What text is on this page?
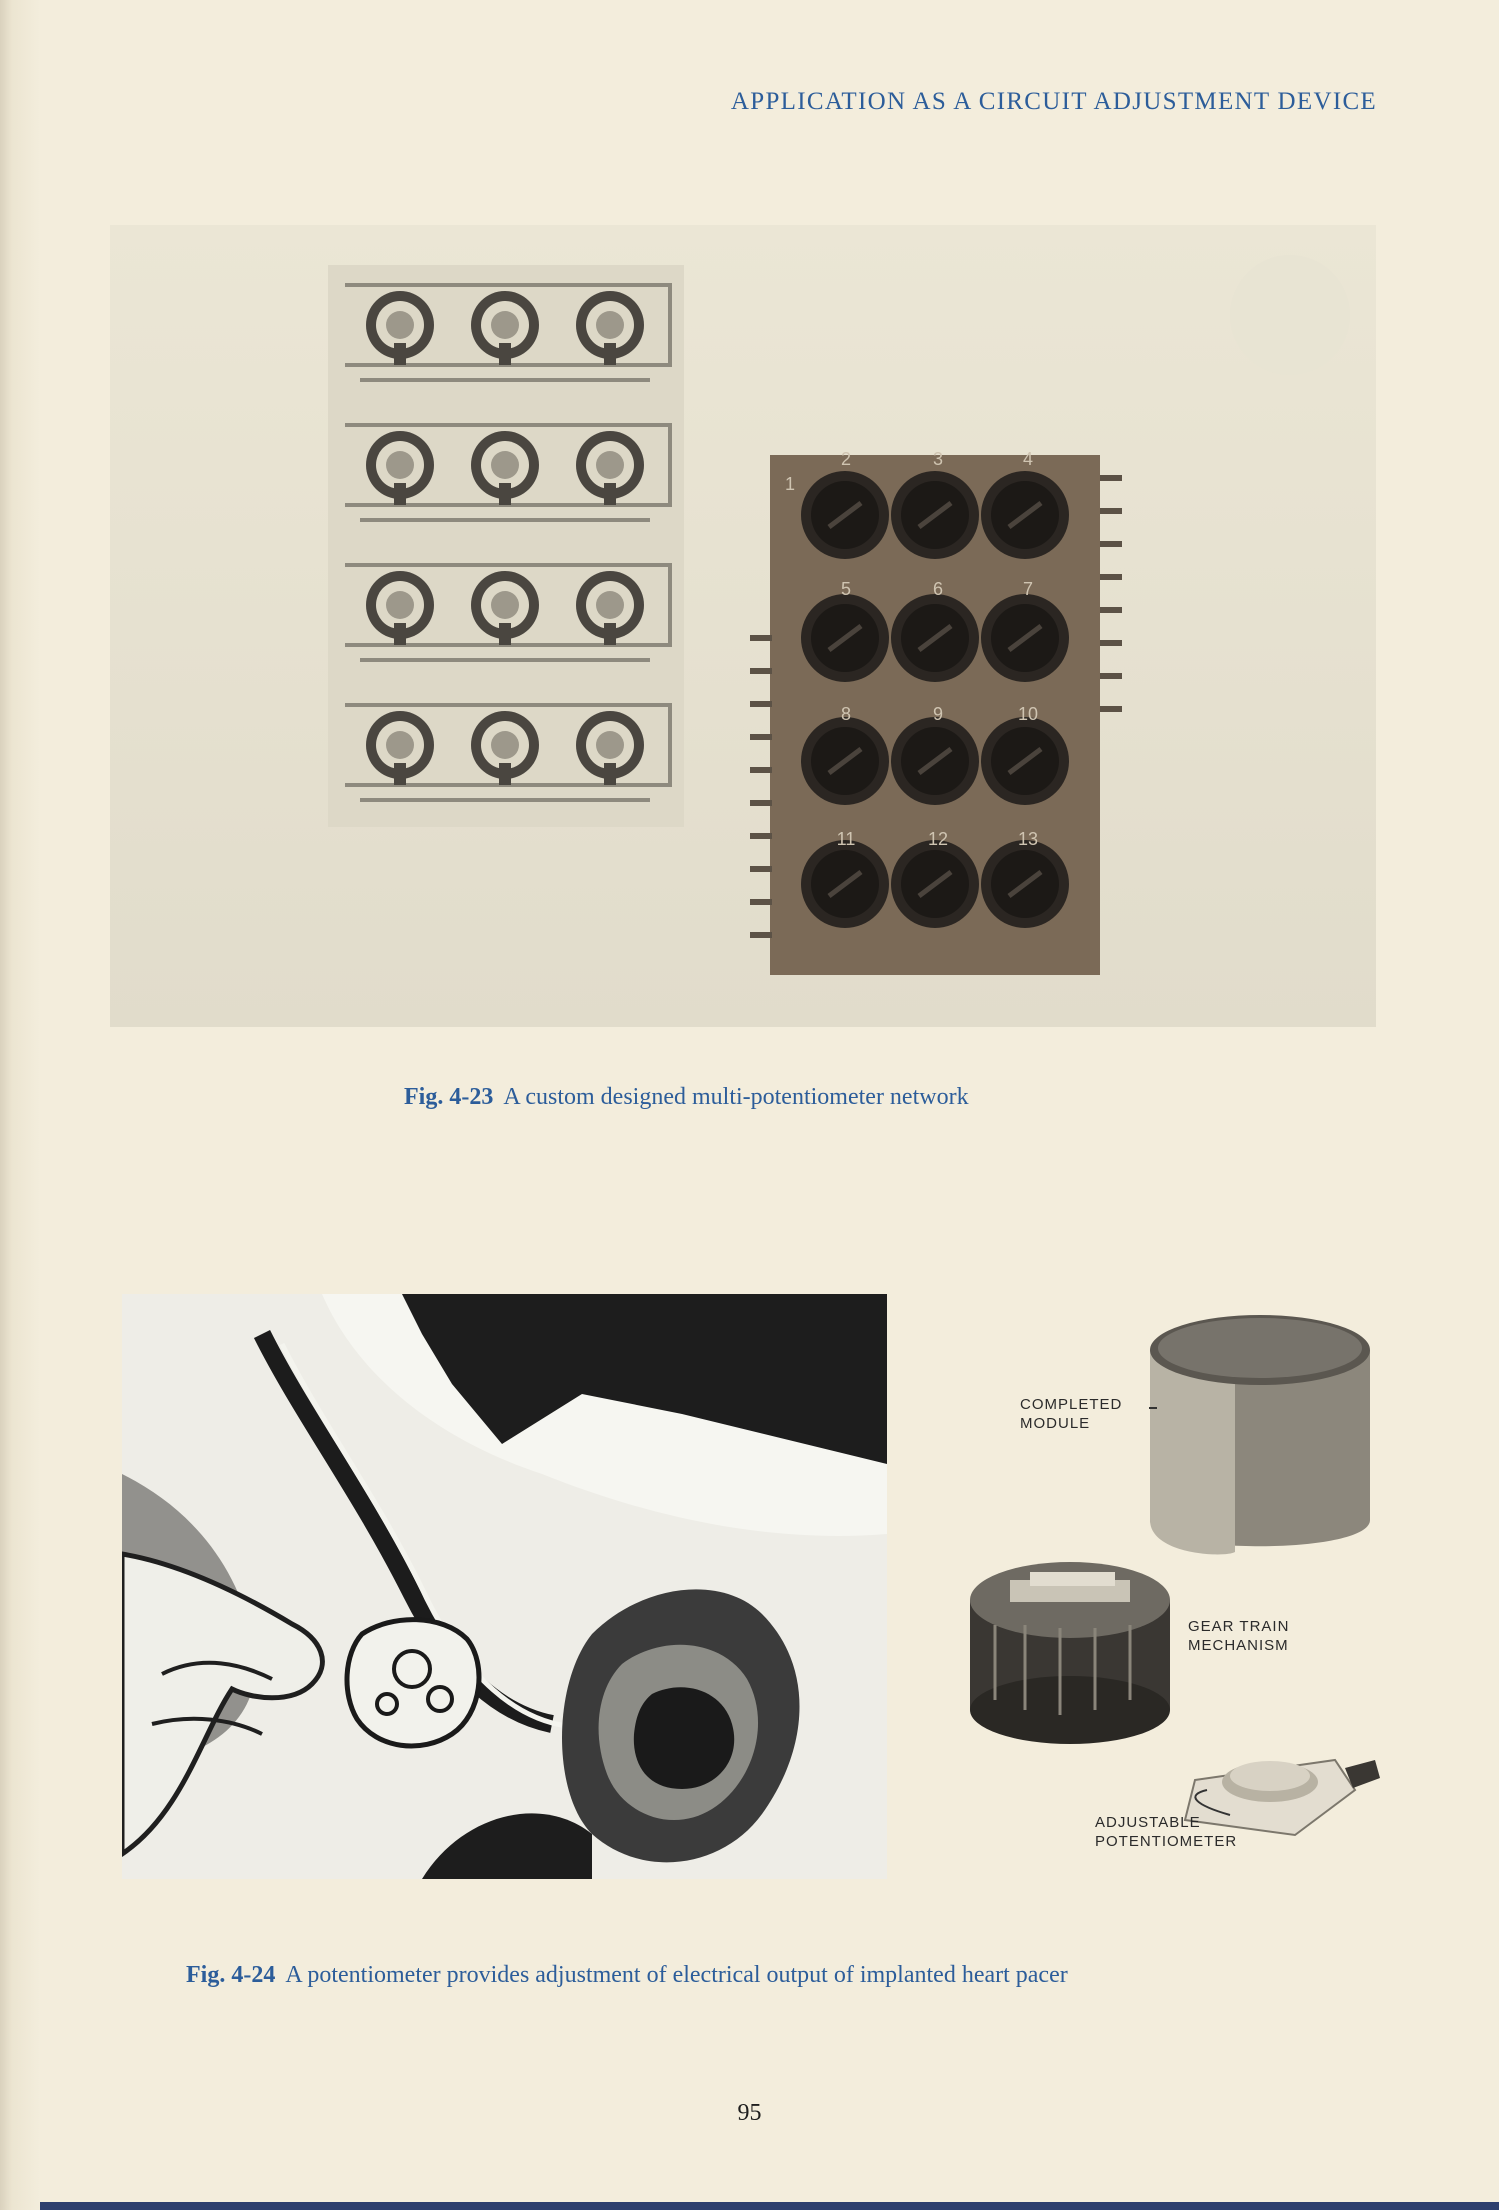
APPLICATION AS A CIRCUIT ADJUSTMENT DEVICE
1
2	3	4
5	6	7
8	9	10
11	12	13
Fig. 4-23 A custom designed multi-potentiometer network
COMPLETED
MODULE
GEAR TRAIN
MECHANISM
ADJUSTABLE
POTENTIOMETER
Fig. 4-24 A potentiometer provides adjustment of electrical output of implanted heart pacer
95
